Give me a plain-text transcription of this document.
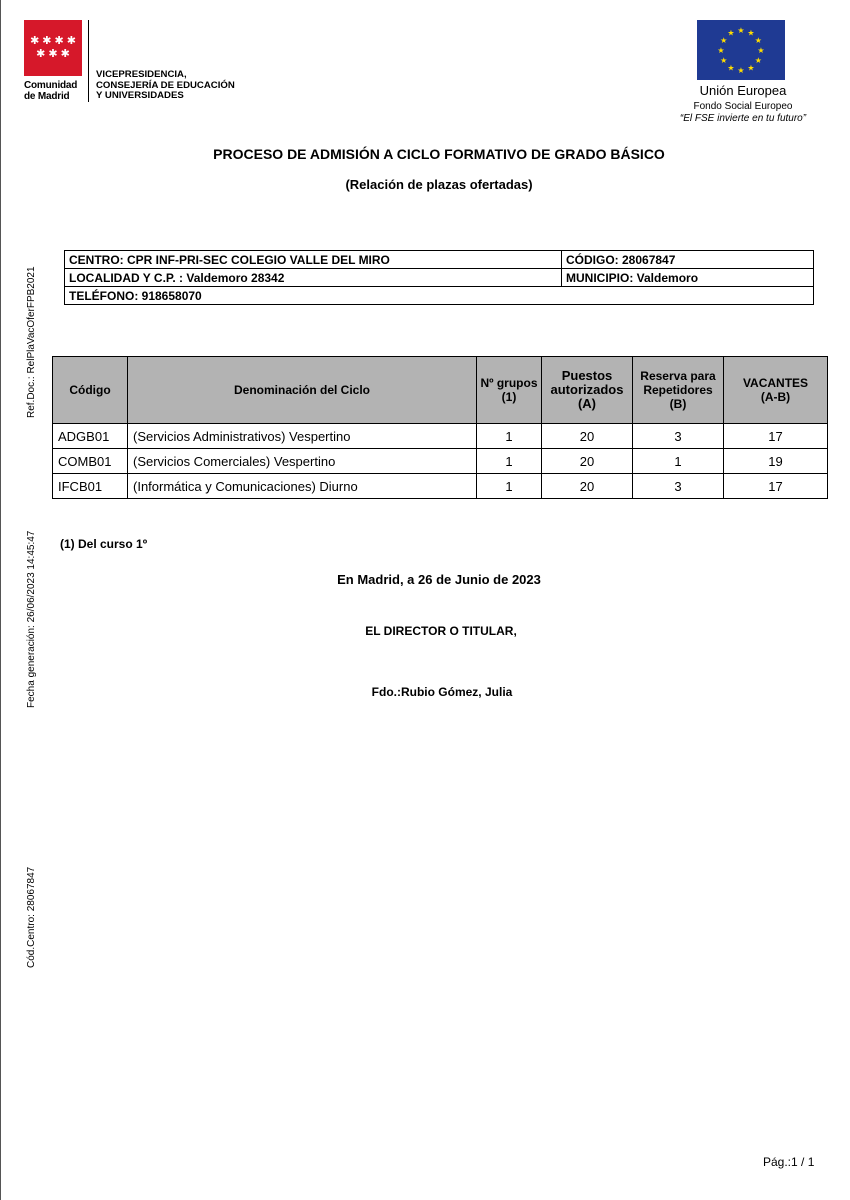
✱ ✱ ✱ ✱
✱ ✱ ✱
Comunidad
de Madrid
VICEPRESIDENCIA,
CONSEJERÍA DE EDUCACIÓN
Y UNIVERSIDADES
★
★
★
★
★
★
★
★
★ ★ ★
★
Unión Europea
Fondo Social Europeo
“El FSE invierte en tu futuro”
PROCESO DE ADMISIÓN A CICLO FORMATIVO DE GRADO BÁSICO
(Relación de plazas ofertadas)
Ref.Doc.: RelPlaVacOferFPB2021
Fecha generación: 26/06/2023 14:45:47
Cód.Centro: 28067847
CENTRO: CPR INF-PRI-SEC COLEGIO VALLE DEL MIRO	CÓDIGO: 28067847
LOCALIDAD Y C.P. : Valdemoro 28342	MUNICIPIO: Valdemoro
TELÉFONO: 918658070	
Código	Denominación del Ciclo	Nº grupos
(1)	Puestos
autorizados
(A)	Reserva para
Repetidores
(B)	VACANTES
(A-B)
ADGB01	(Servicios Administrativos) Vespertino	1	20	3	17
COMB01	(Servicios Comerciales) Vespertino	1	20	1	19
IFCB01	(Informática y Comunicaciones) Diurno	1	20	3	17
(1) Del curso 1º
En Madrid, a 26 de Junio de 2023
EL DIRECTOR O TITULAR,
Fdo.:Rubio Gómez, Julia
Pág.:1 / 1
